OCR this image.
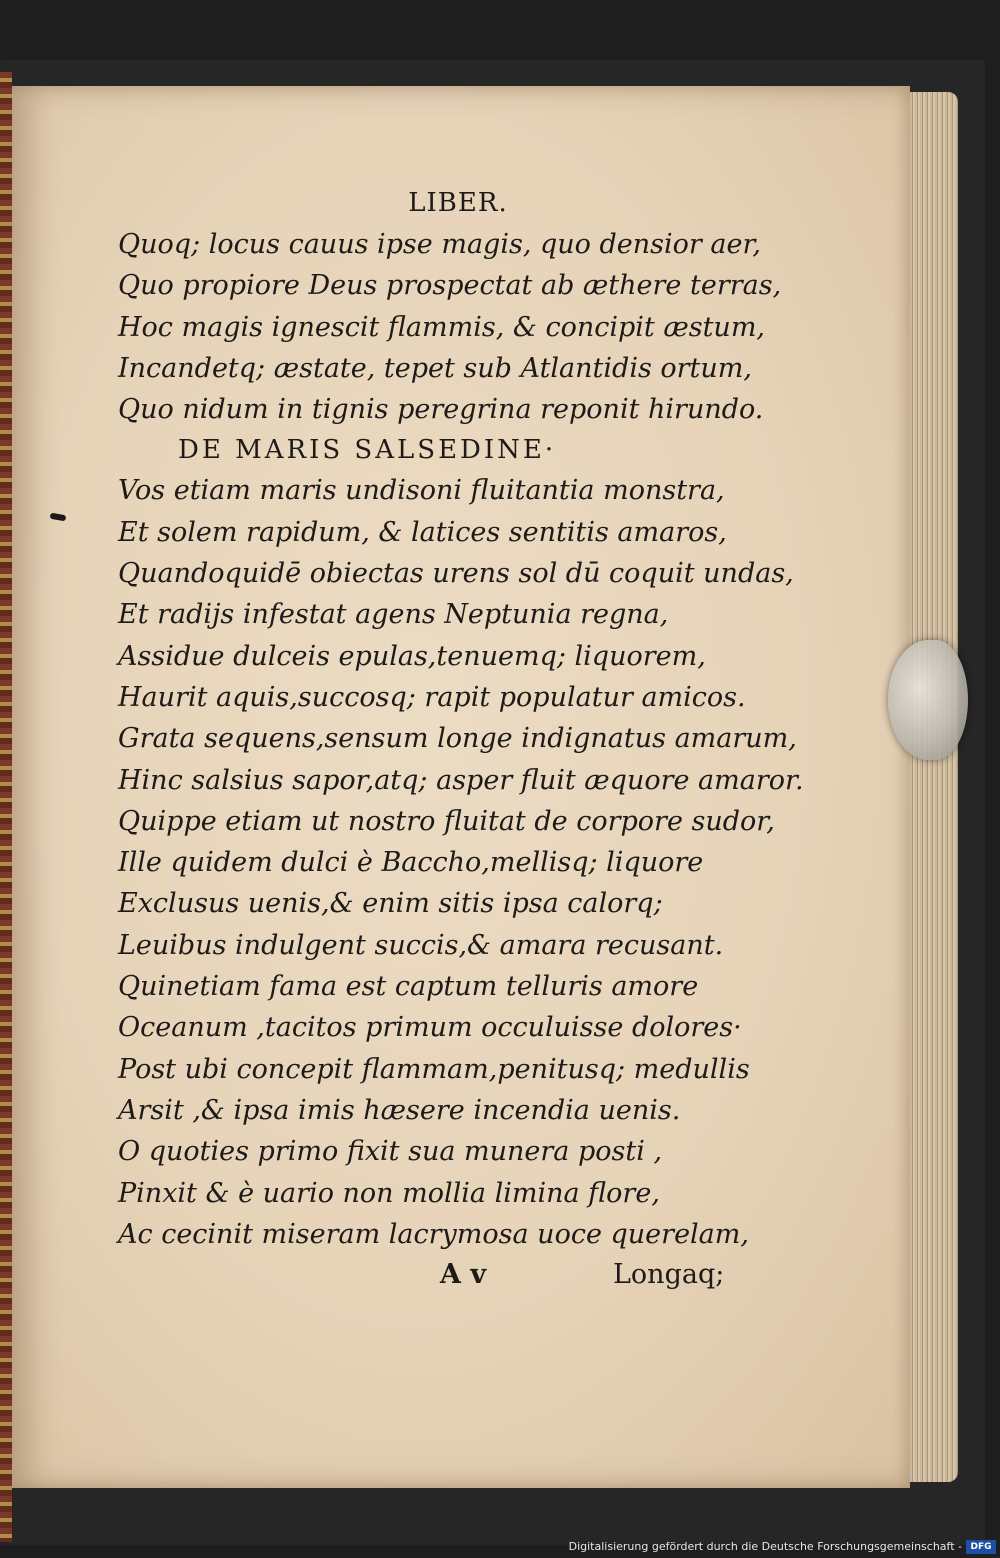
LIBER.
Quoq; locus cauus ipse magis, quo densior aer,
Quo propiore Deus prospectat ab æthere terras,
Hoc magis ignescit flammis, & concipit æstum,
Incandetq; æstate, tepet sub Atlantidis ortum,
Quo nidum in tignis peregrina reponit hirundo.
DE MARIS SALSEDINE·
Vos etiam maris undisoni fluitantia monstra,
Et solem rapidum, & latices sentitis amaros,
Quandoquidē obiectas urens sol dū coquit undas,
Et radijs infestat agens Neptunia regna,
Assidue dulceis epulas,tenuemq; liquorem,
Haurit aquis,succosq; rapit populatur amicos.
Grata sequens,sensum longe indignatus amarum,
Hinc salsius sapor,atq; asper fluit æquore amaror.
Quippe etiam ut nostro fluitat de corpore sudor,
Ille quidem dulci è Baccho,mellisq; liquore
Exclusus uenis,& enim sitis ipsa calorq;
Leuibus indulgent succis,& amara recusant.
Quinetiam fama est captum telluris amore
Oceanum ,tacitos primum occuluisse dolores·
Post ubi concepit flammam,penitusq; medullis
Arsit ,& ipsa imis hæsere incendia uenis.
O quoties primo fixit sua munera posti ,
Pinxit & è uario non mollia limina flore,
Ac cecinit miseram lacrymosa uoce querelam,
A v	Longaq;
Digitalisierung gefördert durch die Deutsche Forschungsgemeinschaft - DFG
